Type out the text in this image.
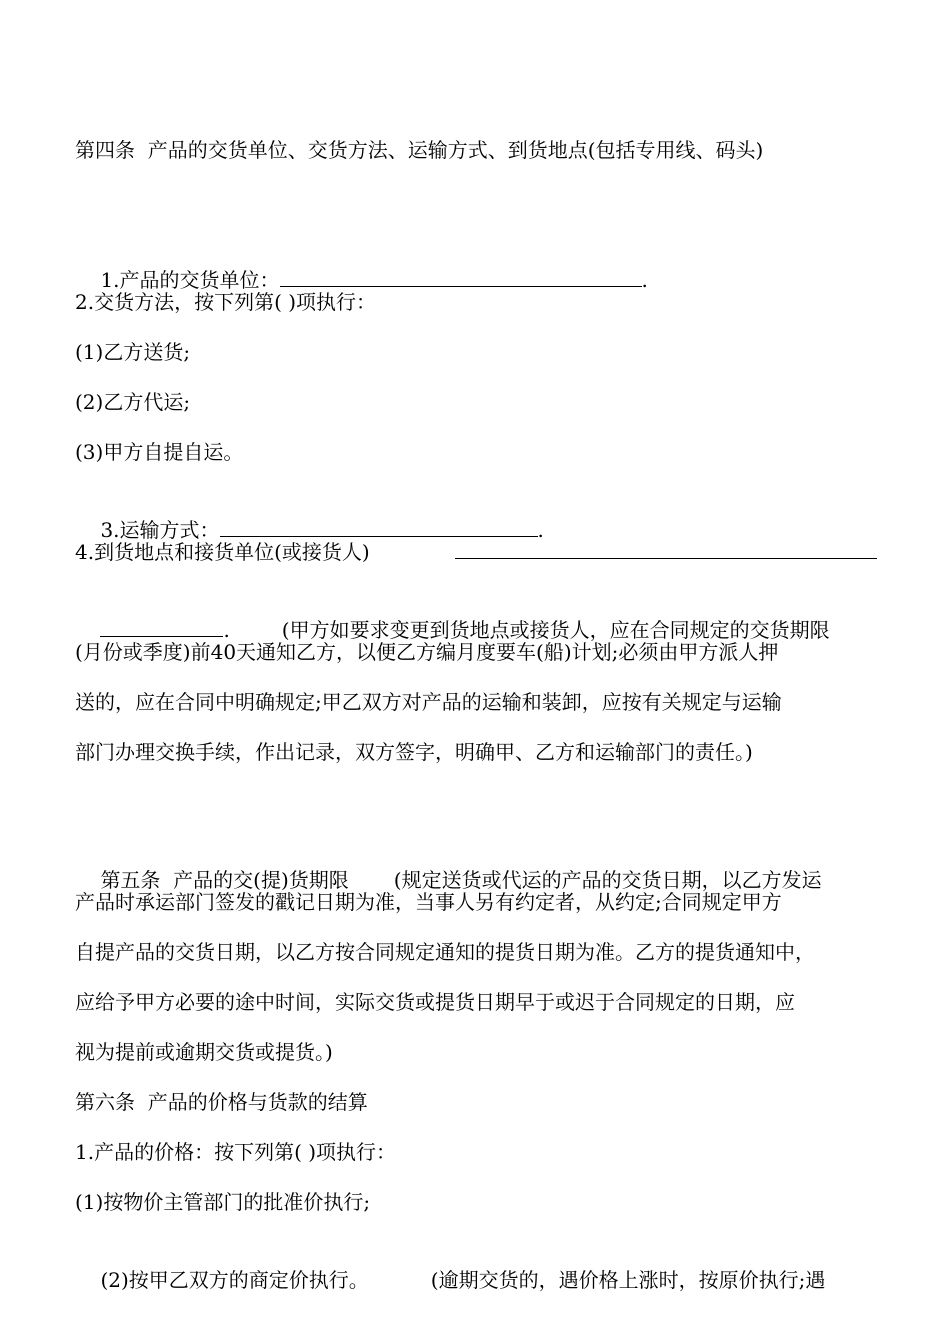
第四条  产品的交货单位、交货方法、运输方式、到货地点(包括专用线、码头)

1.产品的交货单位：	.

2.交货方法，按下列第( )项执行：
(1)乙方送货;
(2)乙方代运;
(3)甲方自提自运。

3.运输方式：	.

4.到货地点和接货单位(或接货人)

.	(甲方如要求变更到货地点或接货人，应在合同规定的交货期限

(月份或季度)前40天通知乙方，以便乙方编月度要车(船)计划;必须由甲方派人押
送的，应在合同中明确规定;甲乙双方对产品的运输和装卸，应按有关规定与运输
部门办理交换手续，作出记录，双方签字，明确甲、乙方和运输部门的责任。)

第五条  产品的交(提)货期限 (规定送货或代运的产品的交货日期，以乙方发运

产品时承运部门签发的戳记日期为准，当事人另有约定者，从约定;合同规定甲方
自提产品的交货日期，以乙方按合同规定通知的提货日期为准。乙方的提货通知中，
应给予甲方必要的途中时间，实际交货或提货日期早于或迟于合同规定的日期，应
视为提前或逾期交货或提货。)
第六条  产品的价格与货款的结算
1.产品的价格：按下列第( )项执行：
(1)按物价主管部门的批准价执行;

(2)按甲乙双方的商定价执行。	(逾期交货的，遇价格上涨时，按原价执行;遇
